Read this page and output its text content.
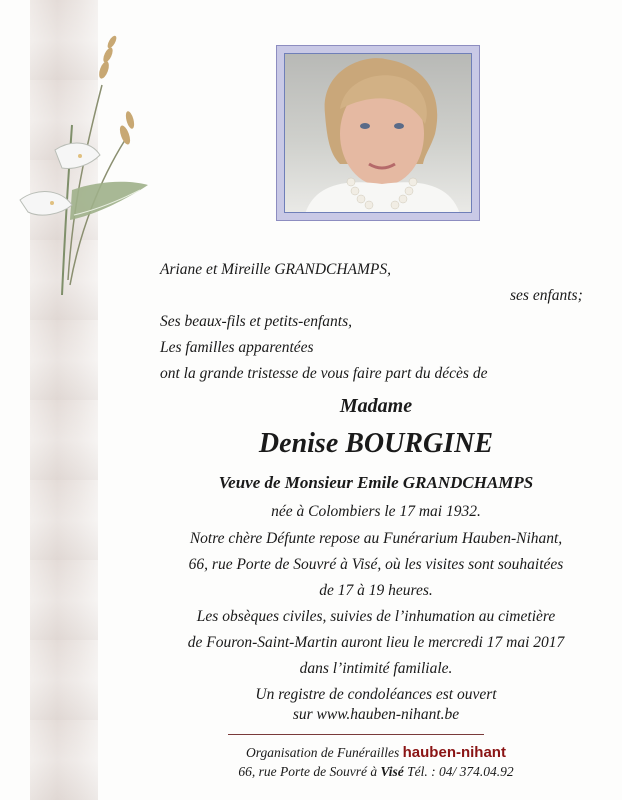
Ariane et Mireille GRANDCHAMPS,
ses enfants;
Ses beaux-fils et petits-enfants,
Les familles apparentées
ont la grande tristesse de vous faire part du décès de
Madame
Denise BOURGINE
Veuve de Monsieur Emile GRANDCHAMPS
née à Colombiers le 17 mai 1932.
Notre chère Défunte repose au Funérarium Hauben-Nihant,
66, rue Porte de Souvré à Visé, où les visites sont souhaitées
de 17 à 19 heures.
Les obsèques civiles, suivies de l’inhumation au cimetière
de Fouron-Saint-Martin auront lieu le mercredi 17 mai 2017
dans l’intimité familiale.
Un registre de condoléances est ouvert
sur www.hauben-nihant.be
Organisation de Funérailles hauben-nihant
66, rue Porte de Souvré à Visé Tél. : 04/ 374.04.92
